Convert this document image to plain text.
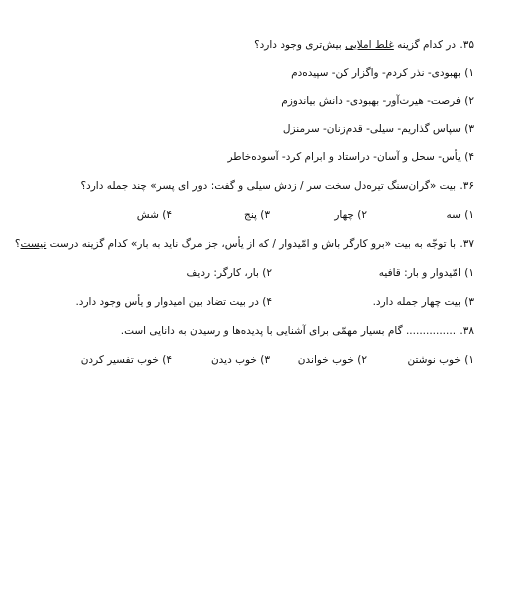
۳۵. در کدام گزینه غلط املایی بیش‌تری وجود دارد؟
۱) بهبودی- نذر کردم- واگزار کن- سپیده‌دم
۲) فرصت- هیرت‌آور- بهبودی- دانش بیاندوزم
۳) سپاس گذاریم- سیلی- قدم‌زنان- سرمنزل
۴) یأس- سحل و آسان- دراستاد و ابرام کرد- آسوده‌خاطر
۳۶. بیت «گران‌سنگ تیره‌دل سخت سر / زدش سیلی و گفت: دور ای پسر» چند جمله دارد؟
۱) سه
۲) چهار
۳) پنج
۴) شش
۳۷. با توجّه به بیت «برو کارگر باش و امّیدوار / که از یأس، جز مرگ ناید به بار» کدام گزینه درست نیست؟
۱) امّیدوار و بار: قافیه
۲) بار، کارگر: ردیف
۳) بیت چهار جمله دارد.
۴) در بیت تضاد بین امیدوار و یأس وجود دارد.
۳۸. ............... گام بسیار مهمّی برای آشنایی با پدیده‌ها و رسیدن به دانایی است.
۱) خوب نوشتن
۲) خوب خواندن
۳) خوب دیدن
۴) خوب تفسیر کردن
